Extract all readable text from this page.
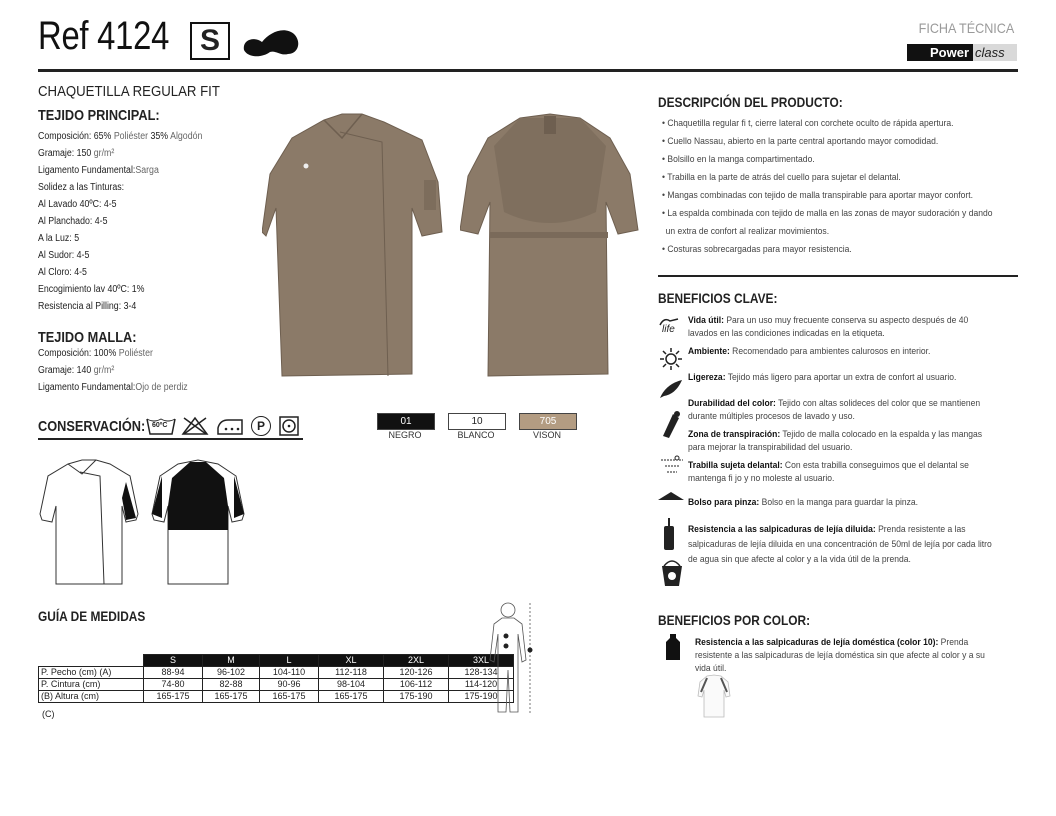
Ref 4124	S	FICHA TÉCNICA
Power class
CHAQUETILLA REGULAR FIT
TEJIDO PRINCIPAL:
Composición: 65% Poliéster 35% Algodón
Gramaje: 150 gr/m²
Ligamento Fundamental:Sarga
Solidez a las Tinturas:
Al Lavado 40ºC: 4-5
Al Planchado: 4-5
A la Luz: 5
Al Sudor: 4-5
Al Cloro: 4-5
Encogimiento lav 40ºC: 1%
Resistencia al Pilling: 3-4
TEJIDO MALLA:
Composición: 100% Poliéster
Gramaje: 140 gr/m²
Ligamento Fundamental:Ojo de perdiz
CONSERVACIÓN: 60ºC	P	01
NEGRO
10
BLANCO
705
VISON
GUÍA DE MEDIDAS
	S	M	L	XL	2XL	3XL
P. Pecho (cm) (A)	88-94	96-102	104-110	112-118	120-126	128-134
P. Cintura (cm)	74-80	82-88	90-96	98-104	106-112	114-120
(B) Altura (cm)	165-175	165-175	165-175	165-175	175-190	175-190
(C)
DESCRIPCIÓN DEL PRODUCTO:
• Chaquetilla regular fi t, cierre lateral con corchete oculto de rápida apertura.
• Cuello Nassau, abierto en la parte central aportando mayor comodidad.
• Bolsillo en la manga compartimentado.
• Trabilla en la parte de atrás del cuello para sujetar el delantal.
• Mangas combinadas con tejido de malla transpirable para aportar mayor confort.
• La espalda combinada con tejido de malla en las zonas de mayor sudoración y dando
un extra de confort al realizar movimientos.
• Costuras sobrecargadas para mayor resistencia.
BENEFICIOS CLAVE:
life
Vida útil: Para un uso muy frecuente conserva su aspecto después de 40 lavados en las condiciones indicadas en la etiqueta.
Ambiente: Recomendado para ambientes calurosos en interior.
Ligereza: Tejido más ligero para aportar un extra de confort al usuario.
Durabilidad del color: Tejido con altas solideces del color que se mantienen durante múltiples procesos de lavado y uso.
Zona de transpiración: Tejido de malla colocado en la espalda y las mangas para mejorar la transpirabilidad del usuario.
Trabilla sujeta delantal: Con esta trabilla conseguimos que el delantal se mantenga fi jo y no moleste al usuario.
Bolso para pinza: Bolso en la manga para guardar la pinza.
Resistencia a las salpicaduras de lejía diluida: Prenda resistente a las salpicaduras de lejía diluida en una concentración de 50ml de lejía por cada litro de agua sin que afecte al color y a la vida útil de la prenda.
BENEFICIOS POR COLOR:
Resistencia a las salpicaduras de lejía doméstica (color 10): Prenda resistente a las salpicaduras de lejía doméstica sin que afecte al color y a su vida útil.
